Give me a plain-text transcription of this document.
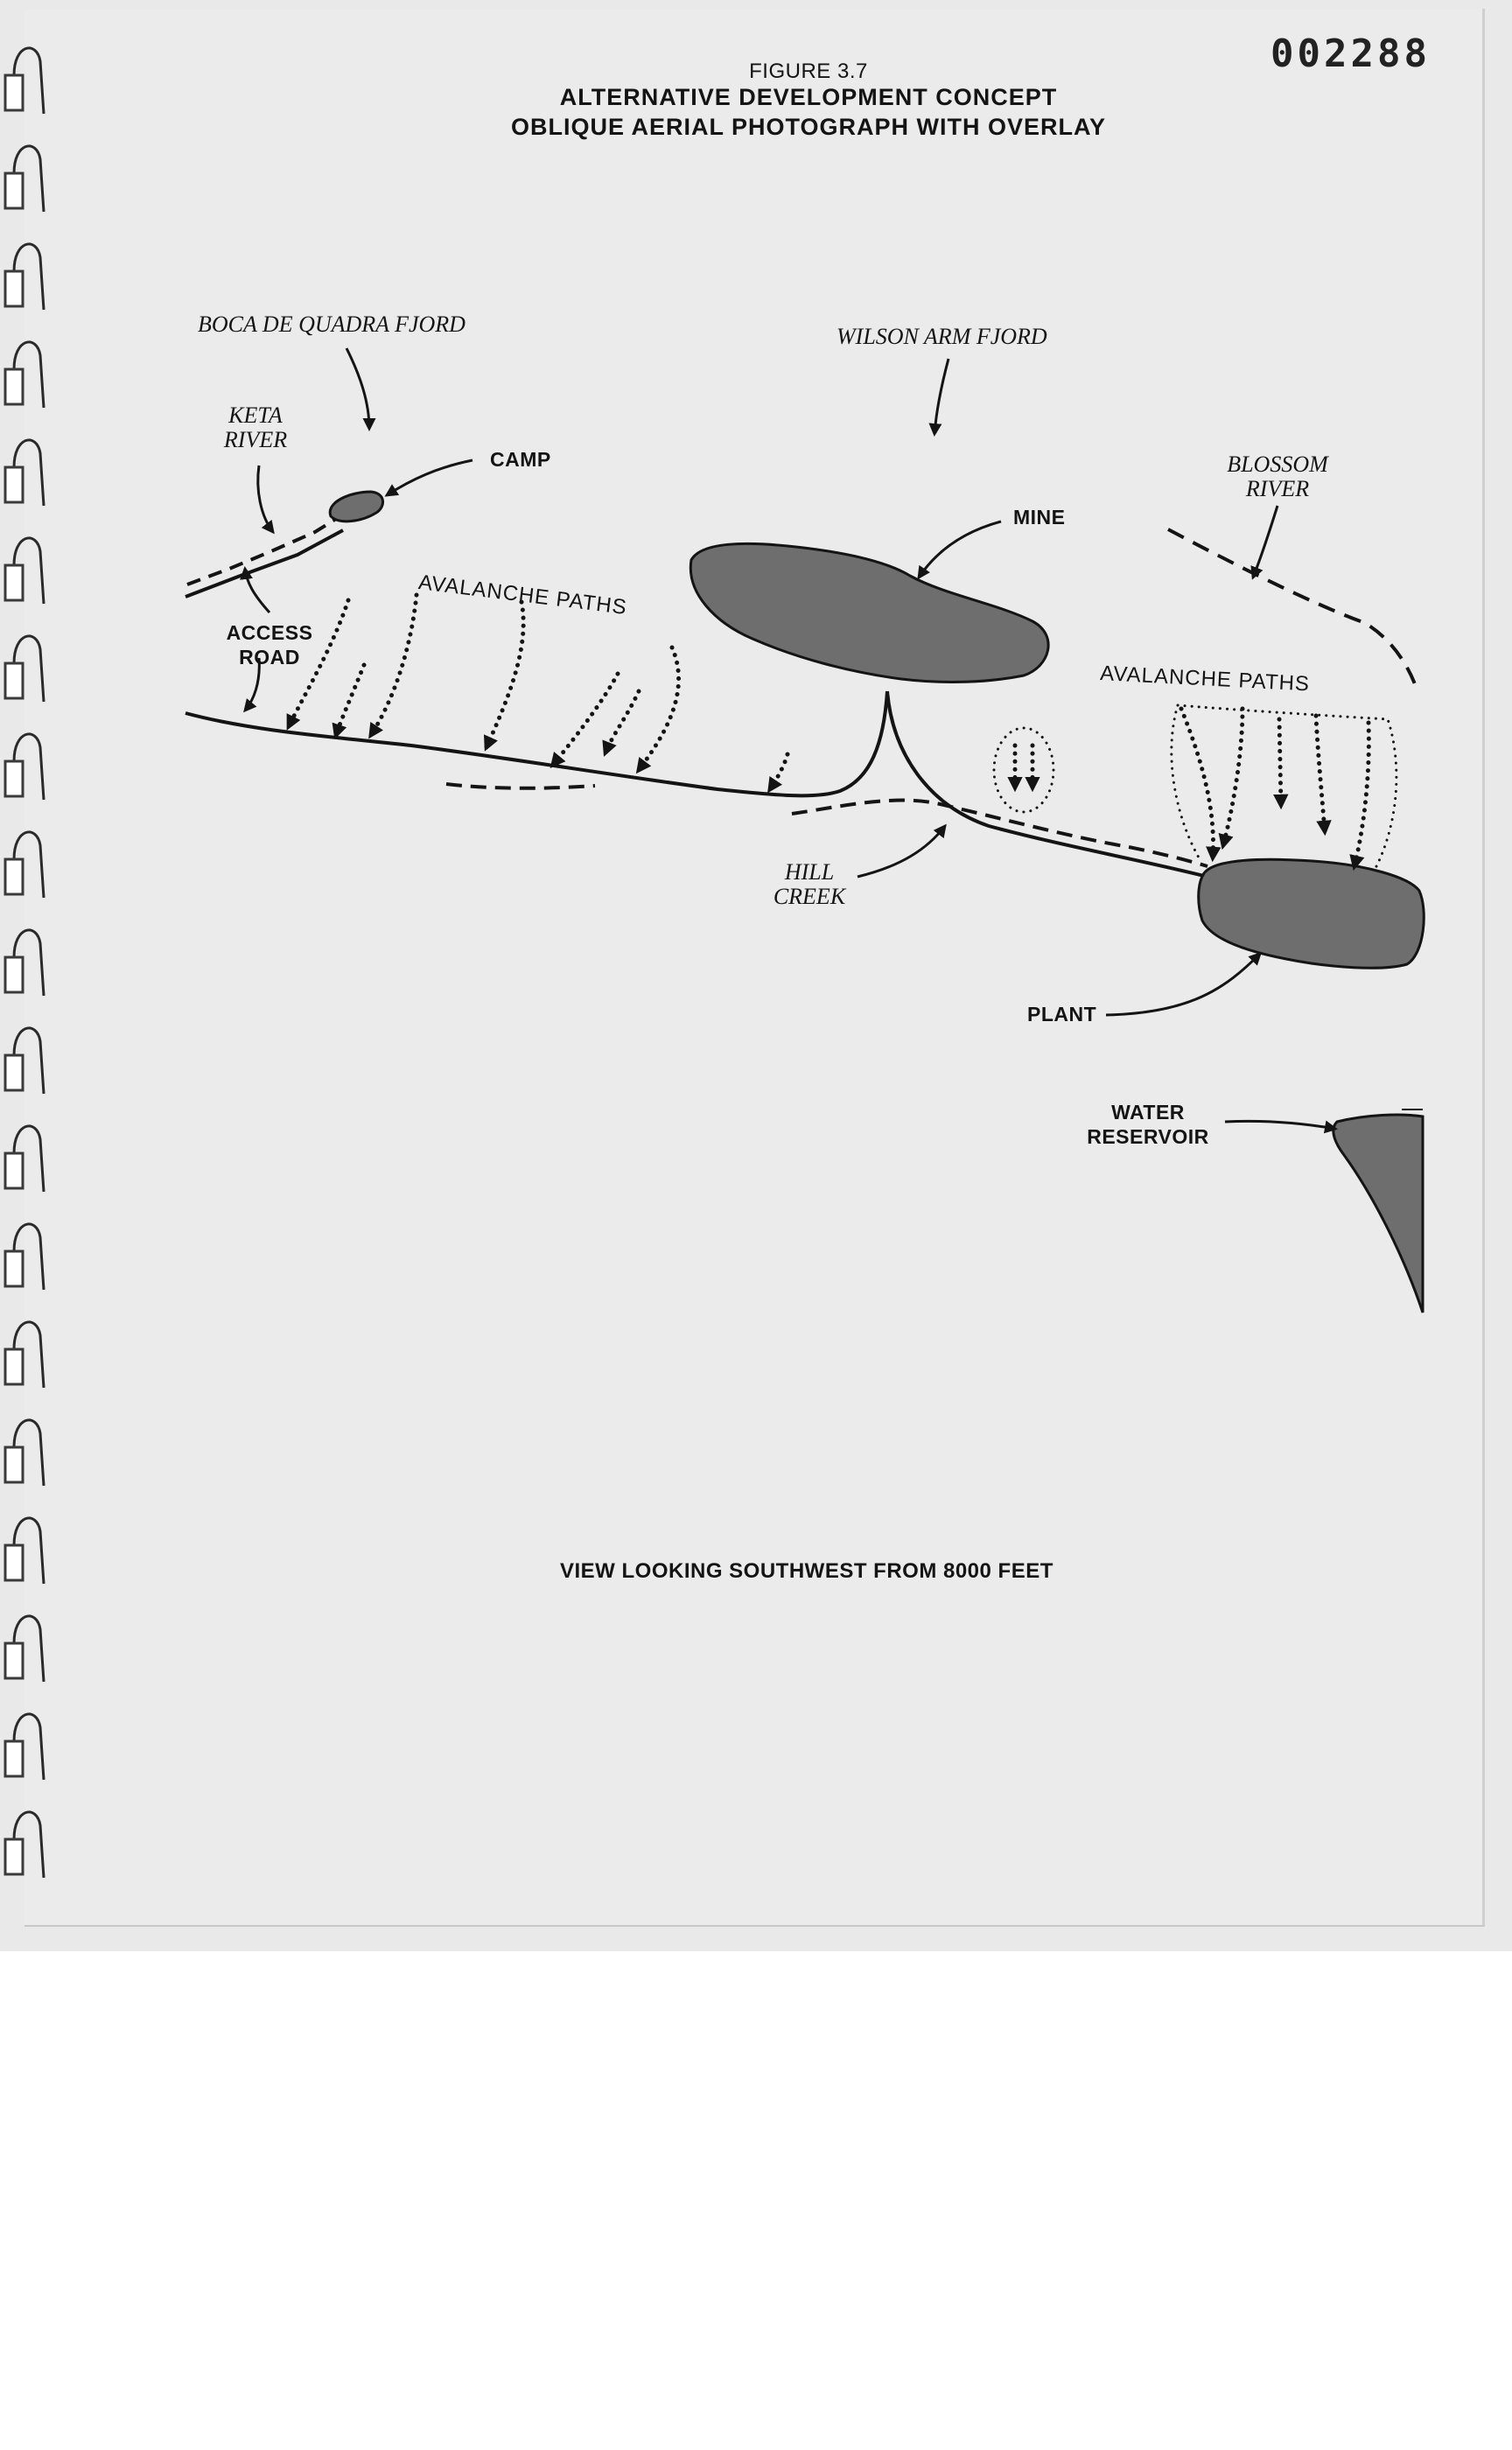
002288
FIGURE 3.7
ALTERNATIVE DEVELOPMENT CONCEPT
OBLIQUE AERIAL PHOTOGRAPH WITH OVERLAY
BOCA DE QUADRA FJORD	WILSON ARM FJORD
KETA
RIVER
CAMP	BLOSSOM
RIVER
MINE
AVALANCHE PATHS
AVALANCHE PATHS
ACCESS
ROAD
HILL
CREEK
PLANT
WATER
RESERVOIR
VIEW LOOKING SOUTHWEST FROM 8000 FEET
